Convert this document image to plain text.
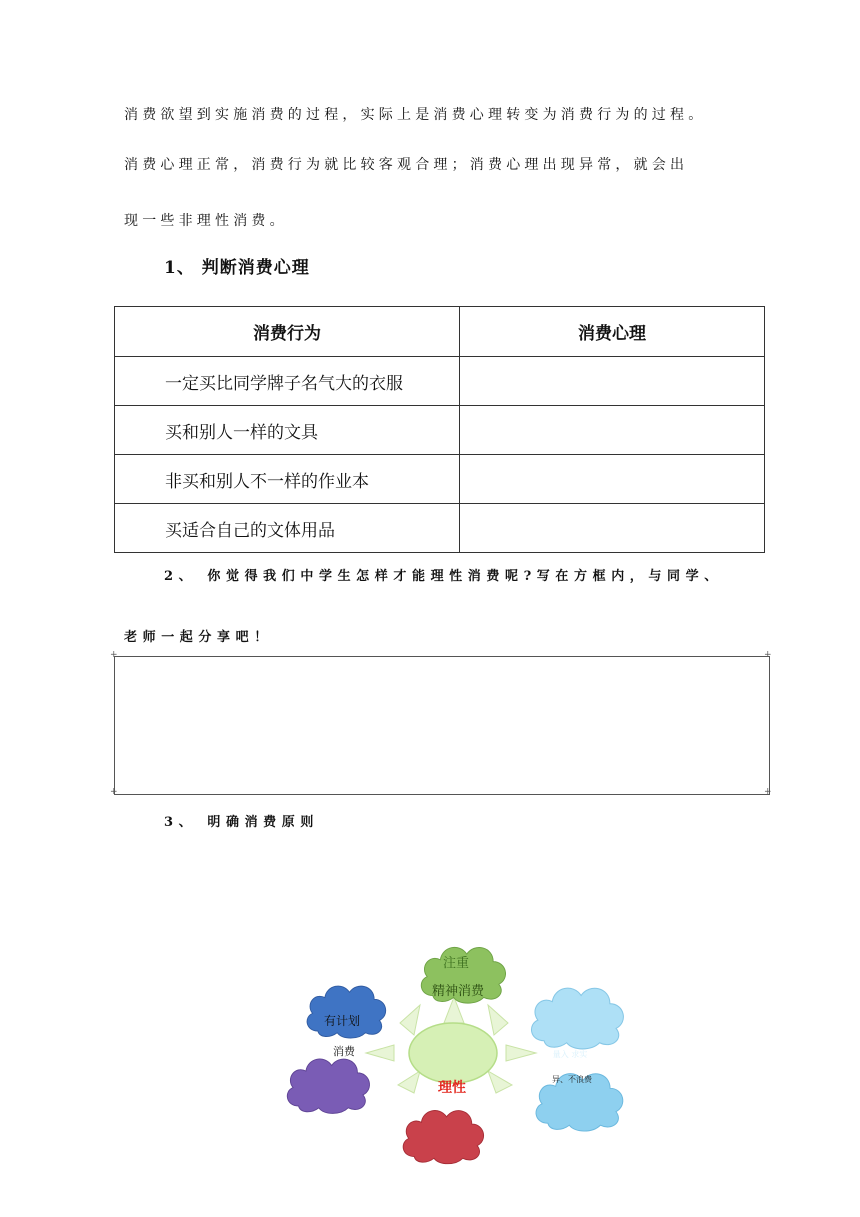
消费欲望到实施消费的过程，实际上是消费心理转变为消费行为的过程。
消费心理正常，消费行为就比较客观合理；消费心理出现异常，就会出
现一些非理性消费。
1、 判断消费心理
消费行为	消费心理
一定买比同学牌子名气大的衣服	
买和别人一样的文具	
非买和别人不一样的作业本	
买适合自己的文体用品	
2、 你觉得我们中学生怎样才能理性消费呢?写在方框内，与同学、
老师一起分享吧！
+	+
+	+
3、 明确消费原则
注重
精神消费
有计划
消费	量入 求实
异、不浪费
理性
